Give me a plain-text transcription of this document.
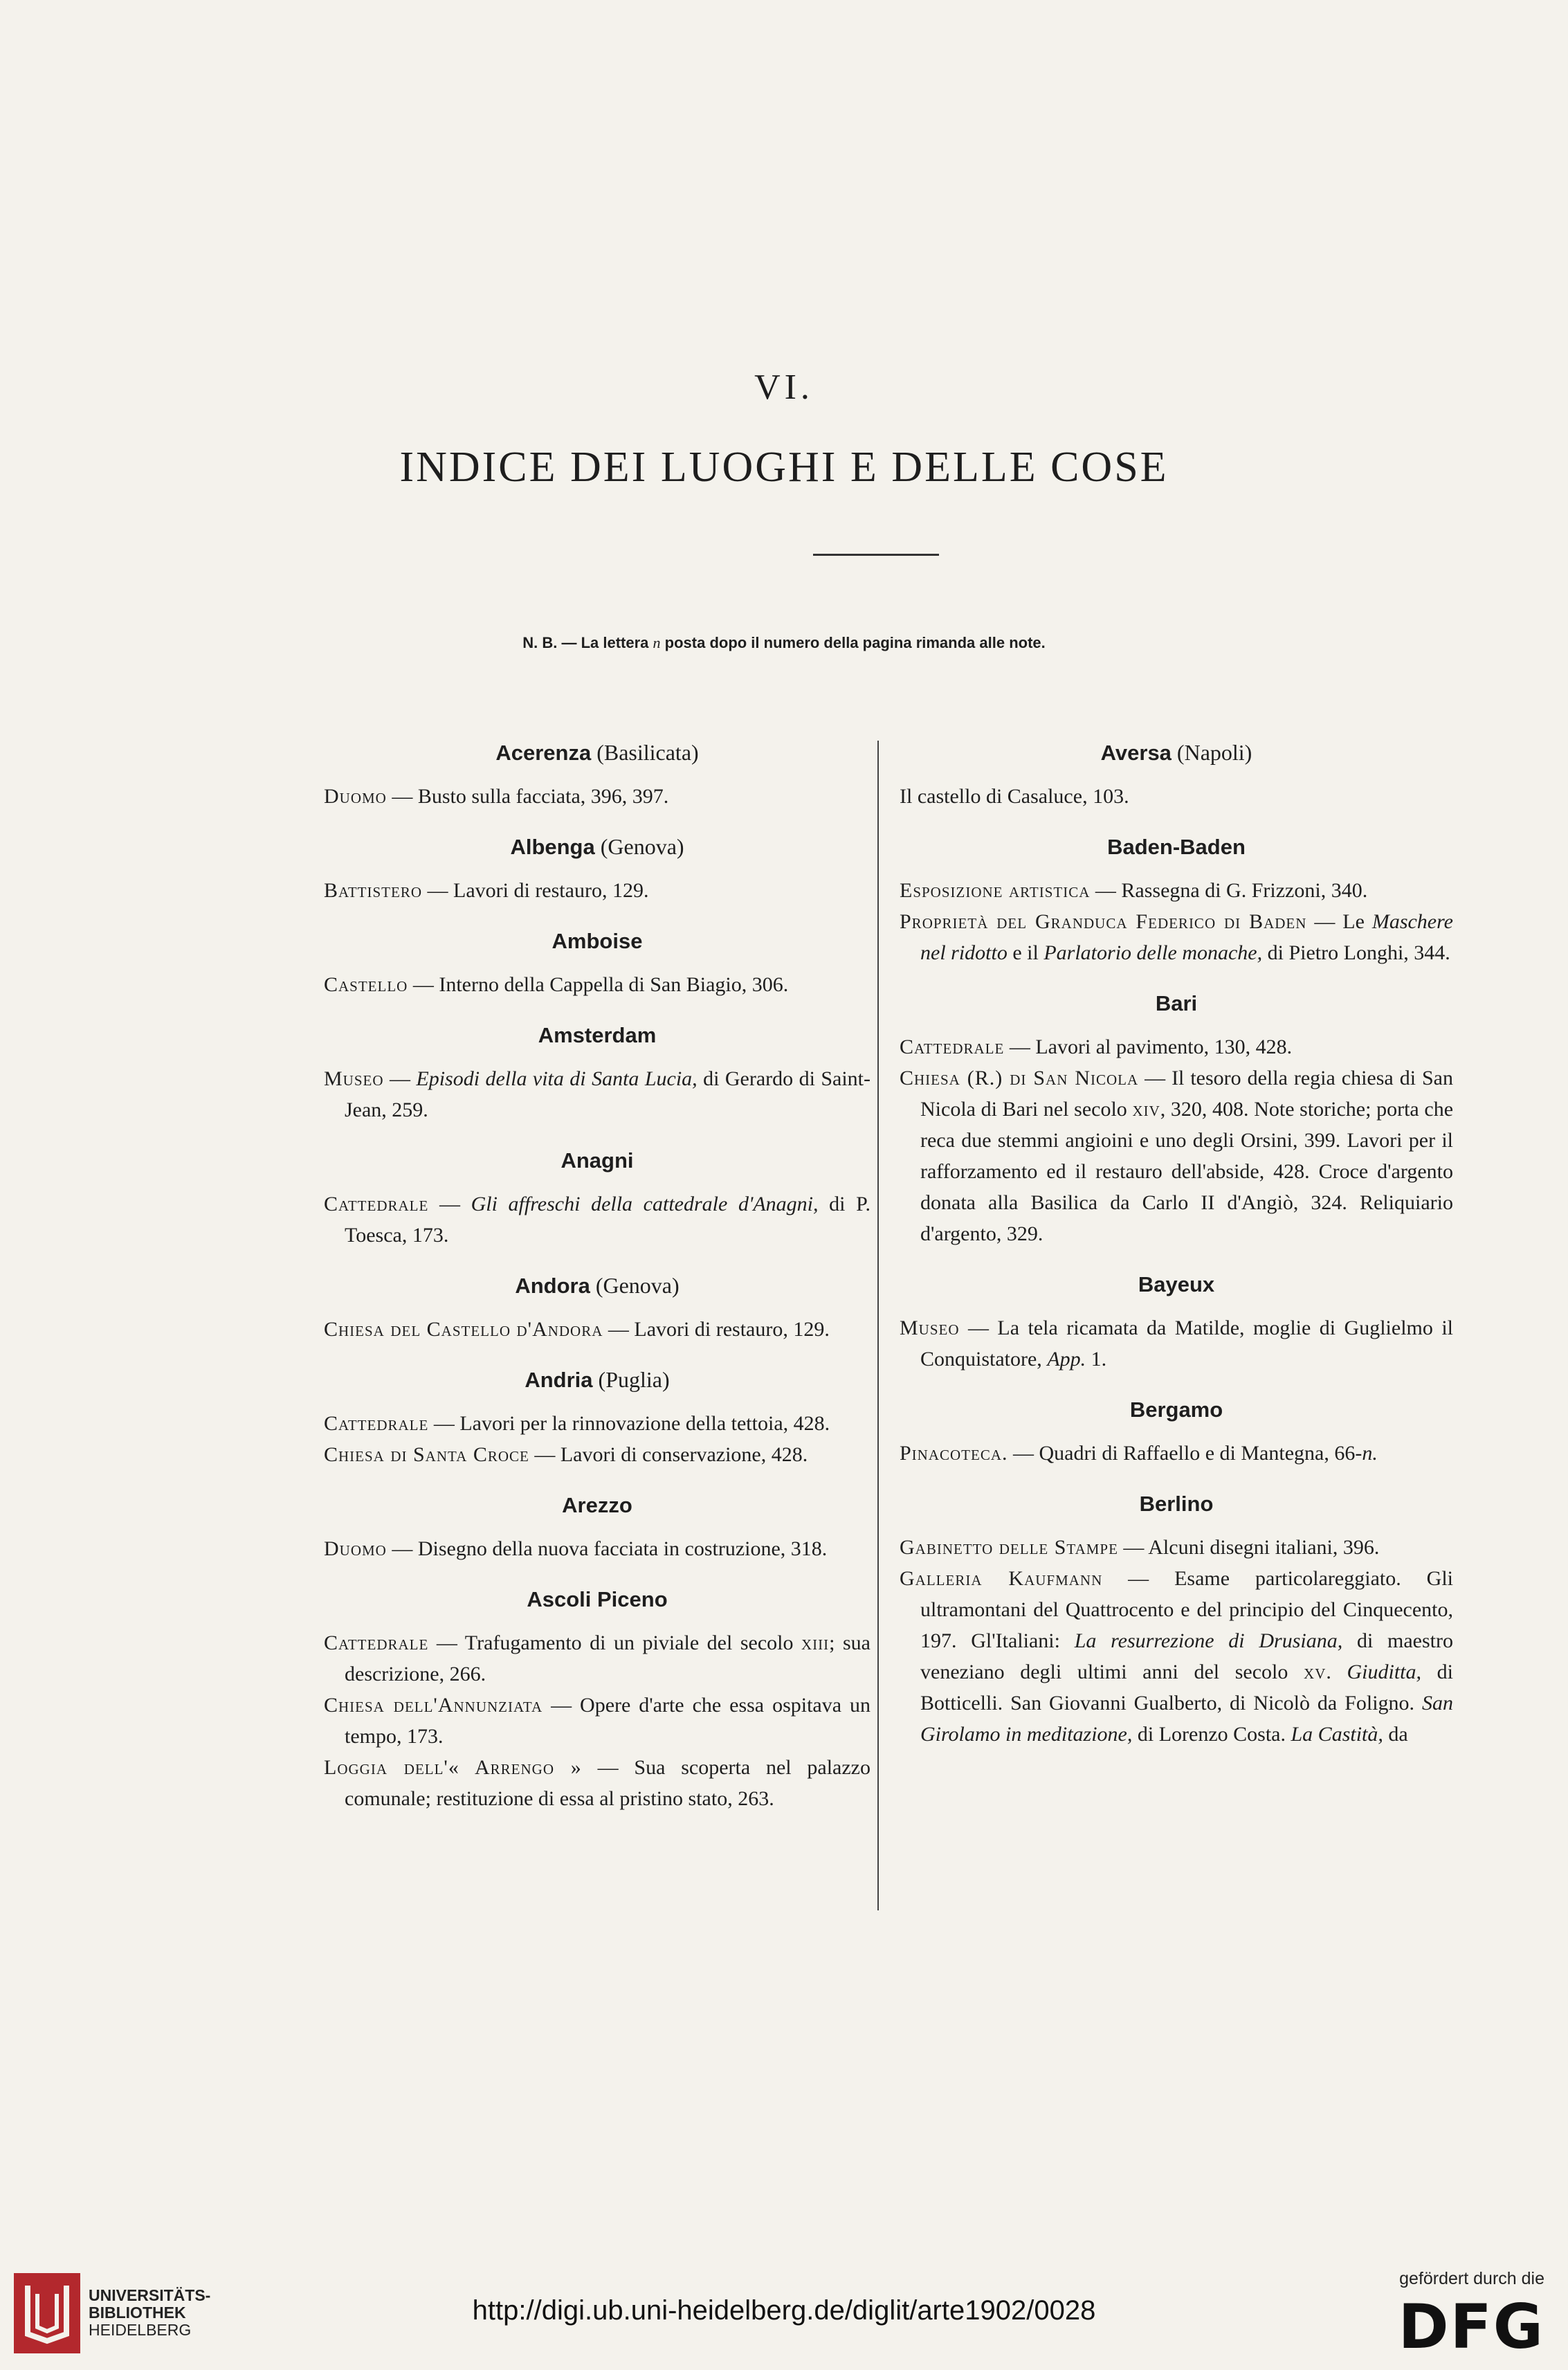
VI.
INDICE DEI LUOGHI E DELLE COSE
N. B. — La lettera n posta dopo il numero della pagina rimanda alle note.
Acerenza (Basilicata)

Duomo — Busto sulla facciata, 396, 397.

Albenga (Genova)

Battistero — Lavori di restauro, 129.

Amboise

Castello — Interno della Cappella di San Biagio, 306.

Amsterdam

Museo — Episodi della vita di Santa Lucia, di Gerardo di Saint-Jean, 259.

Anagni

Cattedrale — Gli affreschi della cattedrale d'Anagni, di P. Toesca, 173.

Andora (Genova)

Chiesa del Castello d'Andora — Lavori di restauro, 129.

Andria (Puglia)

Cattedrale — Lavori per la rinnovazione della tettoia, 428.

Chiesa di Santa Croce — Lavori di conservazione, 428.

Arezzo

Duomo — Disegno della nuova facciata in costruzione, 318.

Ascoli Piceno

Cattedrale — Trafugamento di un piviale del secolo xiii; sua descrizione, 266.

Chiesa dell'Annunziata — Opere d'arte che essa ospitava un tempo, 173.

Loggia dell'« Arrengo » — Sua scoperta nel palazzo comunale; restituzione di essa al pristino stato, 263.

Aversa (Napoli)

Il castello di Casaluce, 103.

Baden-Baden

Esposizione artistica — Rassegna di G. Frizzoni, 340.

Proprietà del Granduca Federico di Baden — Le Maschere nel ridotto e il Parlatorio delle monache, di Pietro Longhi, 344.

Bari

Cattedrale — Lavori al pavimento, 130, 428.

Chiesa (R.) di San Nicola — Il tesoro della regia chiesa di San Nicola di Bari nel secolo xiv, 320, 408. Note storiche; porta che reca due stemmi angioini e uno degli Orsini, 399. Lavori per il rafforzamento ed il restauro dell'abside, 428. Croce d'argento donata alla Basilica da Carlo II d'Angiò, 324. Reliquiario d'argento, 329.

Bayeux

Museo — La tela ricamata da Matilde, moglie di Guglielmo il Conquistatore, App. 1.

Bergamo

Pinacoteca. — Quadri di Raffaello e di Mantegna, 66-n.

Berlino

Gabinetto delle Stampe — Alcuni disegni italiani, 396.

Galleria Kaufmann — Esame particolareggiato. Gli ultramontani del Quattrocento e del principio del Cinquecento, 197. Gl'Italiani: La resurrezione di Drusiana, di maestro veneziano degli ultimi anni del secolo xv. Giuditta, di Botticelli. San Giovanni Gualberto, di Nicolò da Foligno. San Girolamo in meditazione, di Lorenzo Costa. La Castità, da

UNIVERSITÄTS-
BIBLIOTHEK
HEIDELBERG
http://digi.ub.uni-heidelberg.de/diglit/arte1902/0028
gefördert durch die
DFG
